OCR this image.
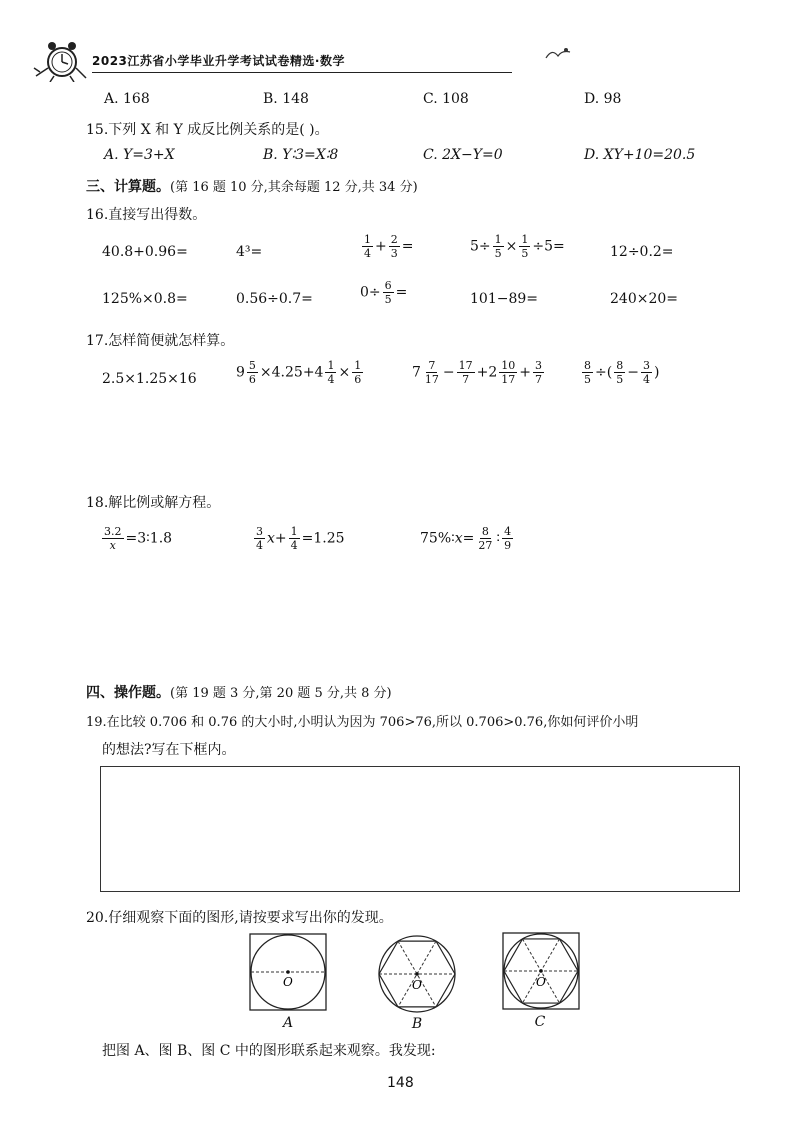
2023江苏省小学毕业升学考试试卷精选·数学
A. 168	B. 148	C. 108	D. 98
15.下列 X 和 Y 成反比例关系的是( )。
A. Y=3+X	B. Y∶3=X∶8	C. 2X−Y=0	D. XY+10=20.5
三、计算题。(第 16 题 10 分,其余每题 12 分,共 34 分)
16.直接写出得数。
40.8+0.96=	4³=	$\frac{1}{4} + \frac{2}{3}$ =	$5\div \frac{1}{5} \times \frac{1}{5} \div 5=$	12÷0.2=
125%×0.8=	0.56÷0.7=	$0\div \frac{6}{5}$ =	101−89=	240×20=
17.怎样简便就怎样算。
2.5×1.25×16	$9 \frac{5}{6} \times 4.25+4 \frac{1}{4} \times \frac{1}{6}$	$7 \frac{7}{17} - \frac{17}{7} +2 \frac{10}{17} + \frac{3}{7}$	$\frac{8}{5}$ ÷( $\frac{8}{5} - \frac{3}{4}$ )
18.解比例或解方程。
$\frac{3.2}{x}$ =3∶1.8	$\frac{3}{4} x+ \frac{1}{4} =1.25$	75%∶x= $\frac{8}{27}$ ∶ $\frac{4}{9}$
四、操作题。(第 19 题 3 分,第 20 题 5 分,共 8 分)
19.在比较 0.706 和 0.76 的大小时,小明认为因为 706>76,所以 0.706>0.76,你如何评价小明
的想法?写在下框内。
20.仔细观察下面的图形,请按要求写出你的发现。
O
A
O
B
O
C
把图 A、图 B、图 C 中的图形联系起来观察。我发现:
148
